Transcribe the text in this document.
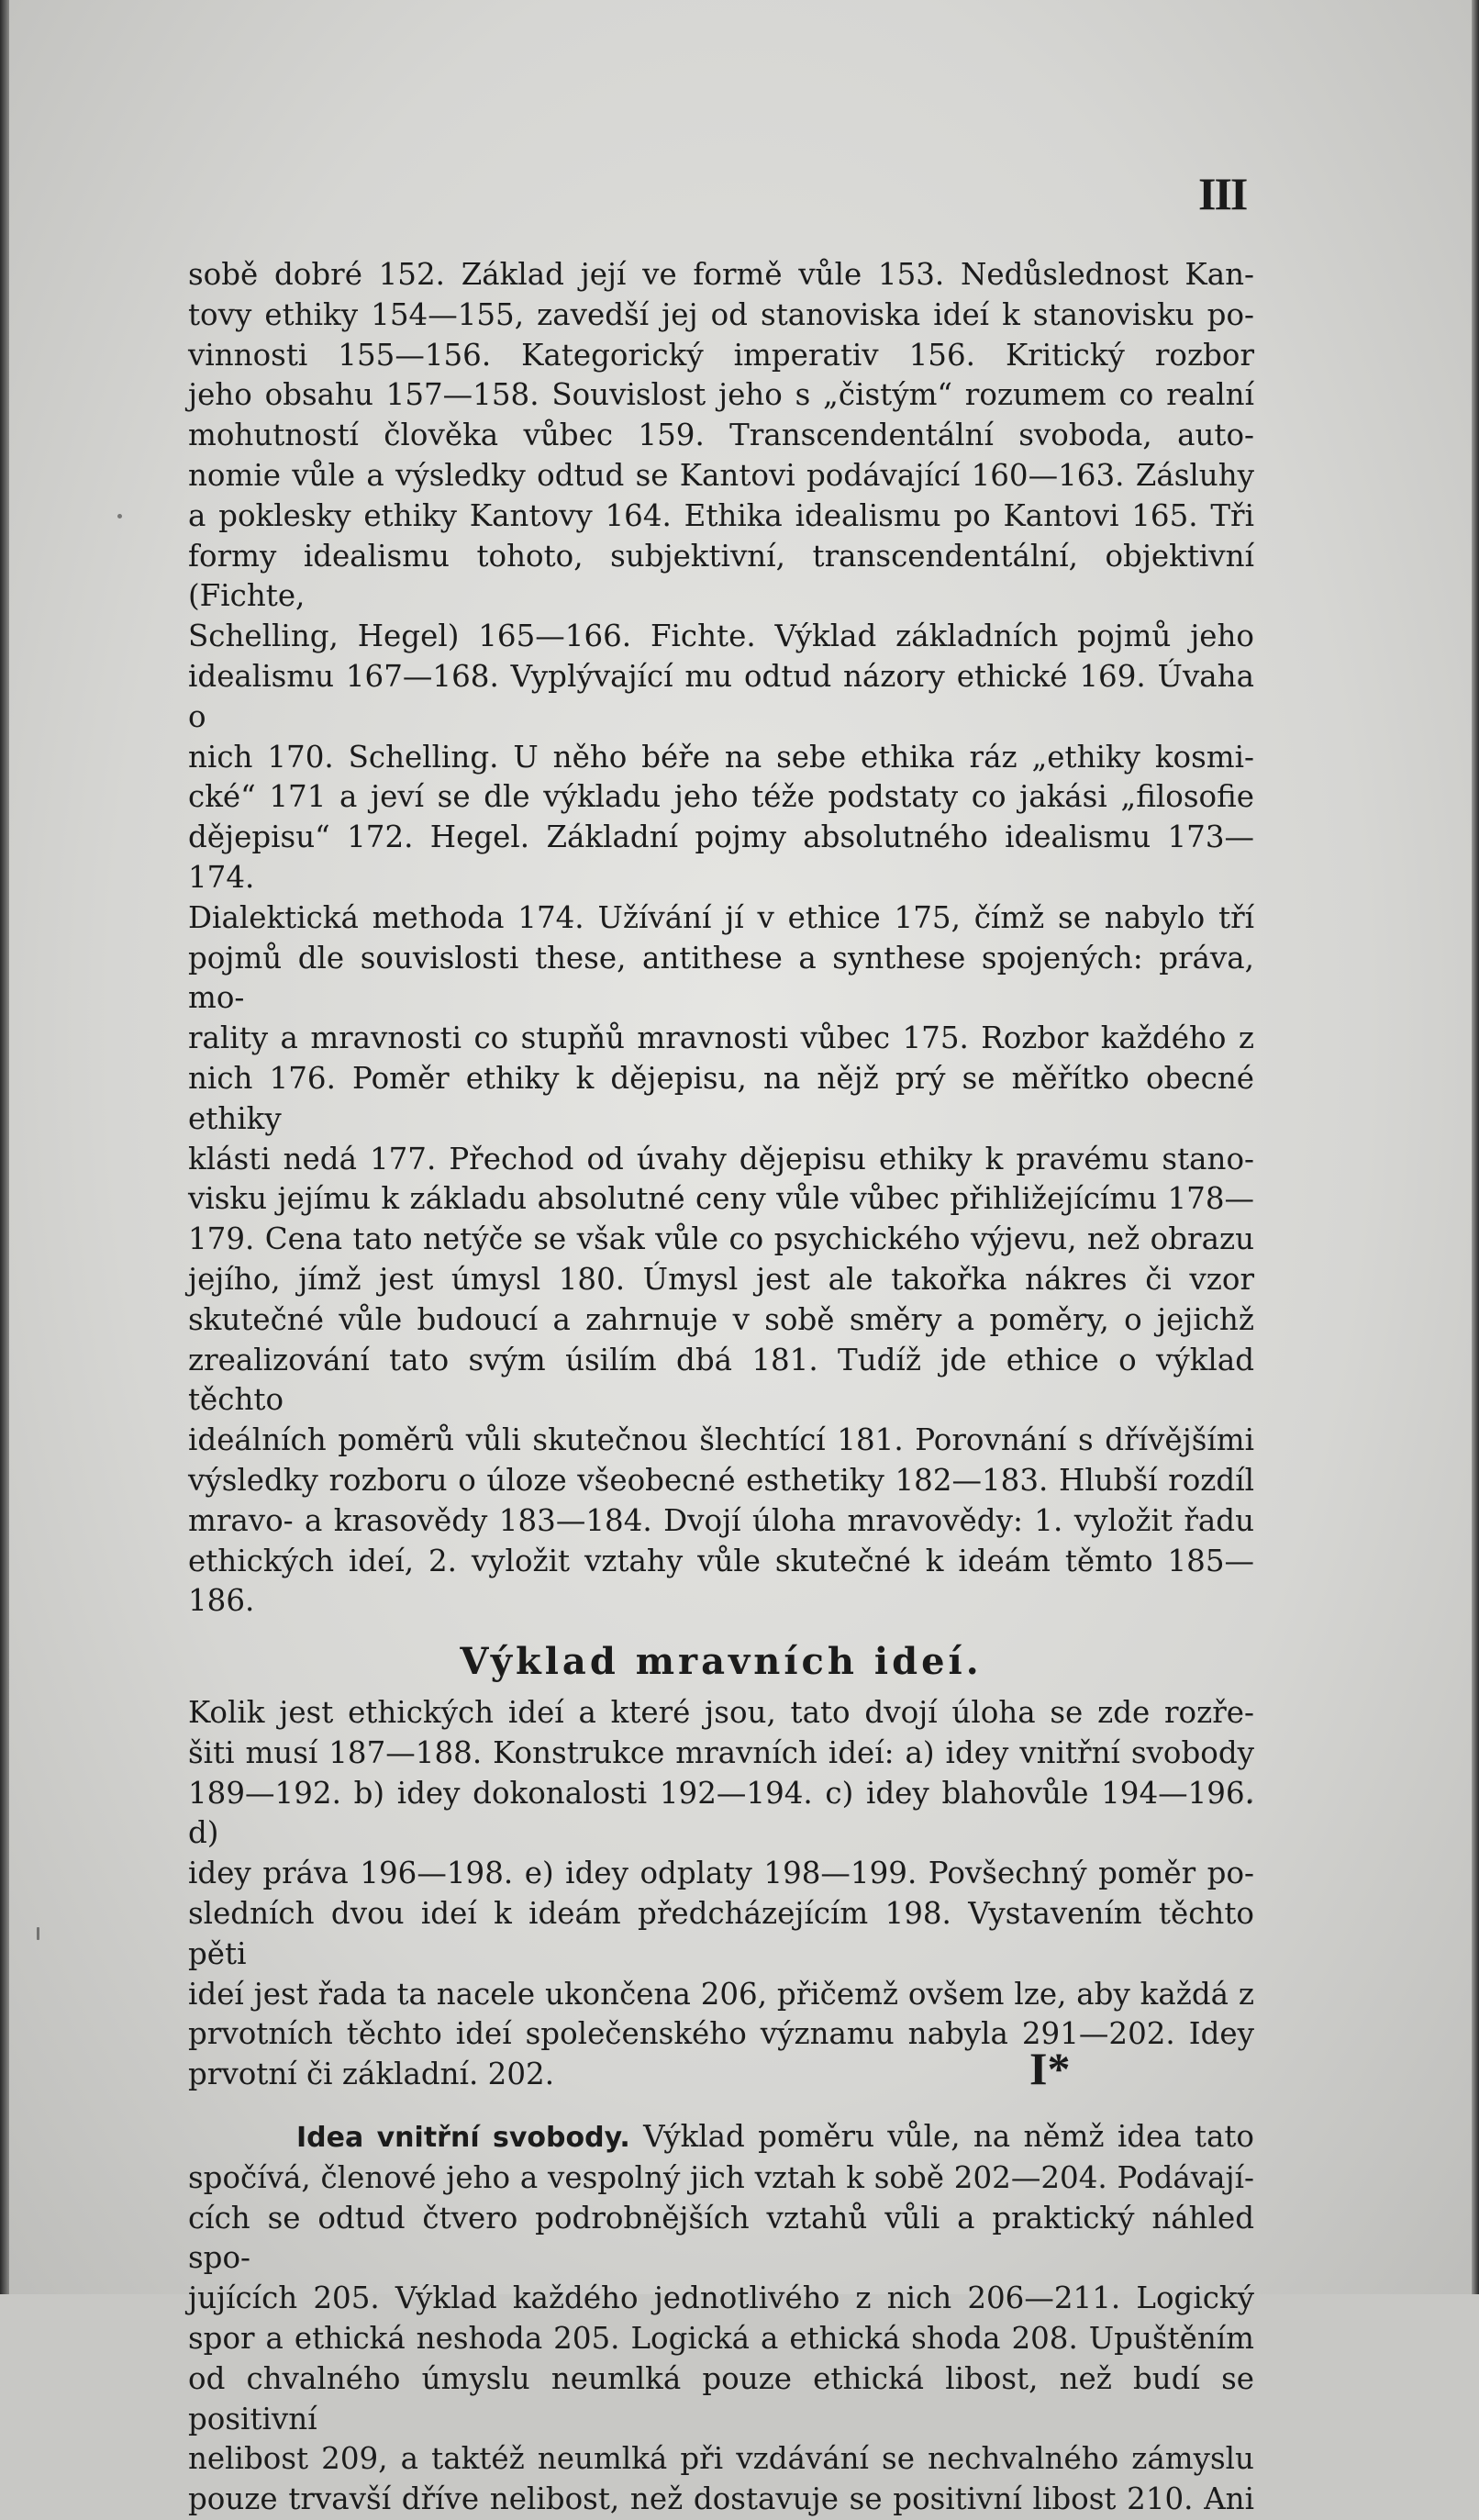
III

sobě dobré 152. Základ její ve formě vůle 153. Nedůslednost Kan-

tovy ethiky 154—155, zavedší jej od stanoviska ideí k stanovisku po-

vinnosti 155—156. Kategorický imperativ 156. Kritický rozbor

jeho obsahu 157—158. Souvislost jeho s „čistým“ rozumem co realní

mohutností člověka vůbec 159. Transcendentální svoboda, auto-

nomie vůle a výsledky odtud se Kantovi podávající 160—163. Zásluhy

a poklesky ethiky Kantovy 164. Ethika idealismu po Kantovi 165. Tři

formy idealismu tohoto, subjektivní, transcendentální, objektivní (Fichte,

Schelling, Hegel) 165—166. Fichte. Výklad základních pojmů jeho

idealismu 167—168. Vyplývající mu odtud názory ethické 169. Úvaha o

nich 170. Schelling. U něho béře na sebe ethika ráz „ethiky kosmi-

cké“ 171 a jeví se dle výkladu jeho téže podstaty co jakási „filosofie

dějepisu“ 172. Hegel. Základní pojmy absolutného idealismu 173—174.

Dialektická methoda 174. Užívání jí v ethice 175, čímž se nabylo tří

pojmů dle souvislosti these, antithese a synthese spojených: práva, mo-

rality a mravnosti co stupňů mravnosti vůbec 175. Rozbor každého z

nich 176. Poměr ethiky k dějepisu, na nějž prý se měřítko obecné ethiky

klásti nedá 177. Přechod od úvahy dějepisu ethiky k pravému stano-

visku jejímu k základu absolutné ceny vůle vůbec přihližejícímu 178—

179. Cena tato netýče se však vůle co psychického výjevu, než obrazu

jejího, jímž jest úmysl 180. Úmysl jest ale takořka nákres či vzor

skutečné vůle budoucí a zahrnuje v sobě směry a poměry, o jejichž

zrealizování tato svým úsilím dbá 181. Tudíž jde ethice o výklad těchto

ideálních poměrů vůli skutečnou šlechtící 181. Porovnání s dřívějšími

výsledky rozboru o úloze všeobecné esthetiky 182—183. Hlubší rozdíl

mravo- a krasovědy 183—184. Dvojí úloha mravovědy: 1. vyložit řadu

ethických ideí, 2. vyložit vztahy vůle skutečné k ideám těmto 185—186.

Výklad mravních ideí.

Kolik jest ethických ideí a které jsou, tato dvojí úloha se zde rozře-

šiti musí 187—188. Konstrukce mravních ideí: a) idey vnitřní svobody

189—192. b) idey dokonalosti 192—194. c) idey blahovůle 194—196. d)

idey práva 196—198. e) idey odplaty 198—199. Povšechný poměr po-

sledních dvou ideí k ideám předcházejícím 198. Vystavením těchto pěti

ideí jest řada ta nacele ukončena 206, přičemž ovšem lze, aby každá z

prvotních těchto ideí společenského významu nabyla 291—202. Idey

prvotní či základní. 202.

Idea vnitřní svobody. Výklad poměru vůle, na němž idea tato

spočívá, členové jeho a vespolný jich vztah k sobě 202—204. Podávají-

cích se odtud čtvero podrobnějších vztahů vůli a praktický náhled spo-

jujících 205. Výklad každého jednotlivého z nich 206—211. Logický

spor a ethická neshoda 205. Logická a ethická shoda 208. Upuštěním

od chvalného úmyslu neumlká pouze ethická libost, než budí se positivní

nelibost 209, a taktéž neumlká při vzdávání se nechvalného zámyslu

pouze trvavší dříve nelibost, než dostavuje se positivní libost 210. Ani

I*
